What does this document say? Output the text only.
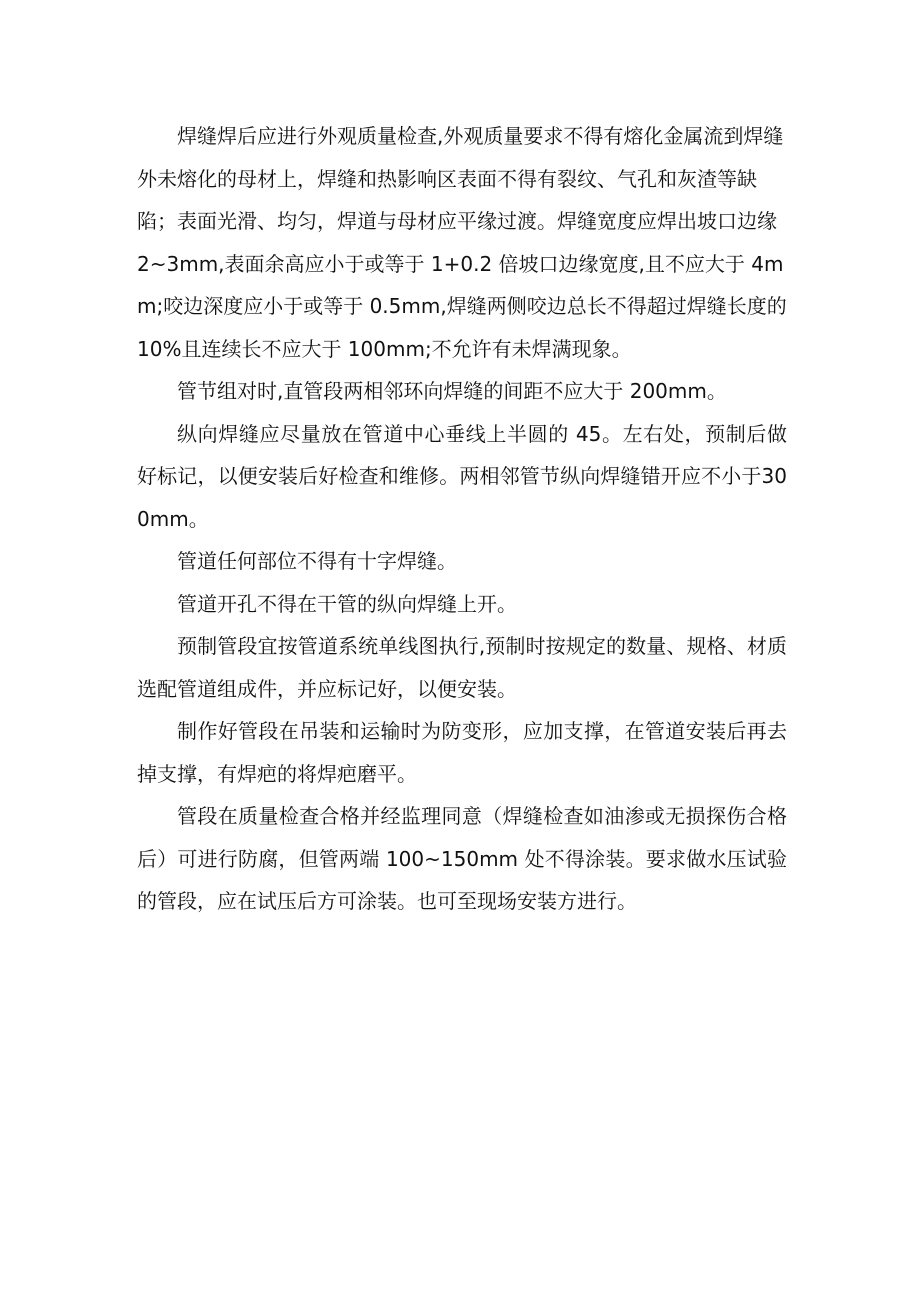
焊缝焊后应进行外观质量检查,外观质量要求不得有熔化金属流到焊缝外未熔化的母材上，焊缝和热影响区表面不得有裂纹、气孔和灰渣等缺陷；表面光滑、均匀，焊道与母材应平缘过渡。焊缝宽度应焊出坡口边缘2~3mm,表面余高应小于或等于 1+0.2 倍坡口边缘宽度,且不应大于 4mm;咬边深度应小于或等于 0.5mm,焊缝两侧咬边总长不得超过焊缝长度的10%且连续长不应大于 100mm;不允许有未焊满现象。

管节组对时,直管段两相邻环向焊缝的间距不应大于 200mm。

纵向焊缝应尽量放在管道中心垂线上半圆的 45。左右处，预制后做好标记，以便安装后好检查和维修。两相邻管节纵向焊缝错开应不小于300mm。

管道任何部位不得有十字焊缝。

管道开孔不得在干管的纵向焊缝上开。

预制管段宜按管道系统单线图执行,预制时按规定的数量、规格、材质选配管道组成件，并应标记好，以便安装。

制作好管段在吊装和运输时为防变形，应加支撑，在管道安装后再去掉支撑，有焊疤的将焊疤磨平。

管段在质量检查合格并经监理同意（焊缝检查如油渗或无损探伤合格后）可进行防腐，但管两端 100~150mm 处不得涂装。要求做水压试验的管段，应在试压后方可涂装。也可至现场安装方进行。
